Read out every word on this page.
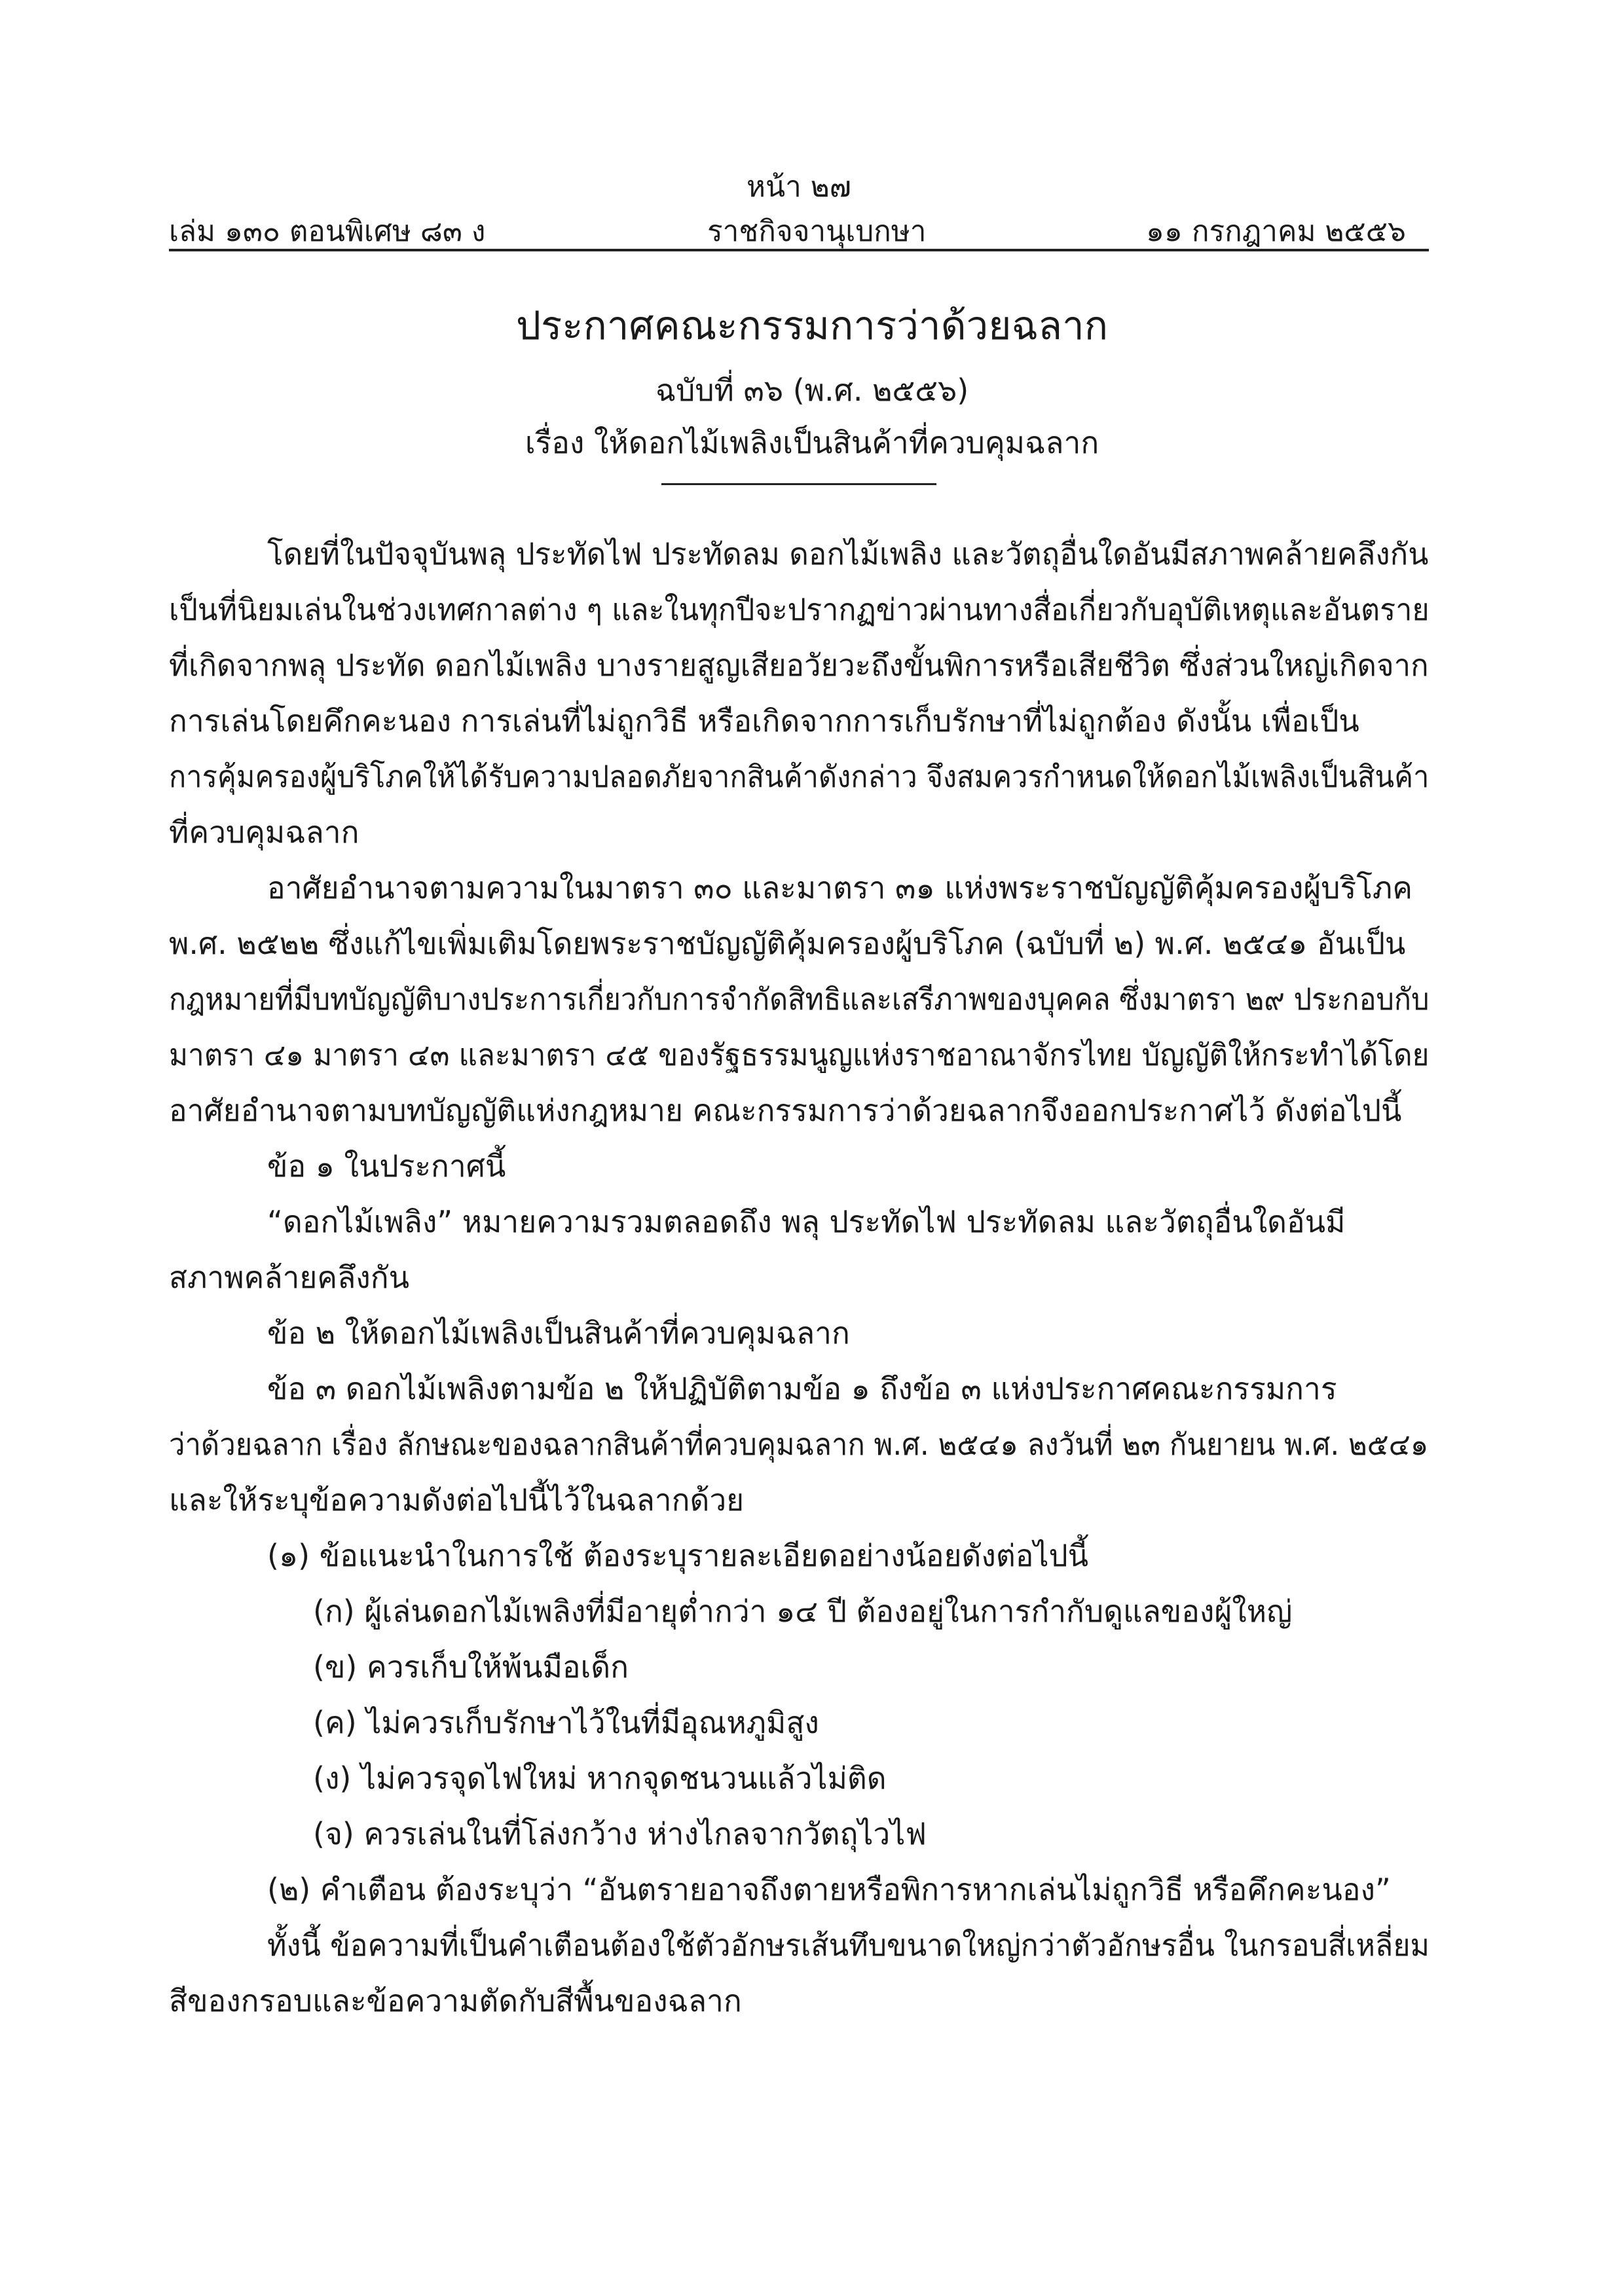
หน้า ๒๗
เล่ม ๑๓๐ ตอนพิเศษ ๘๓ ง	ราชกิจจานุเบกษา	๑๑ กรกฎาคม ๒๕๕๖
ประกาศคณะกรรมการว่าด้วยฉลาก
ฉบับที่ ๓๖ (พ.ศ. ๒๕๕๖)
เรื่อง ให้ดอกไม้เพลิงเป็นสินค้าที่ควบคุมฉลาก
โดยที่ในปัจจุบันพลุ ประทัดไฟ ประทัดลม ดอกไม้เพลิง และวัตถุอื่นใดอันมีสภาพคล้ายคลึงกัน
เป็นที่นิยมเล่นในช่วงเทศกาลต่าง ๆ และในทุกปีจะปรากฏข่าวผ่านทางสื่อเกี่ยวกับอุบัติเหตุและอันตราย
ที่เกิดจากพลุ ประทัด ดอกไม้เพลิง บางรายสูญเสียอวัยวะถึงขั้นพิการหรือเสียชีวิต ซึ่งส่วนใหญ่เกิดจาก
การเล่นโดยคึกคะนอง การเล่นที่ไม่ถูกวิธี หรือเกิดจากการเก็บรักษาที่ไม่ถูกต้อง ดังนั้น เพื่อเป็น
การคุ้มครองผู้บริโภคให้ได้รับความปลอดภัยจากสินค้าดังกล่าว จึงสมควรกำหนดให้ดอกไม้เพลิงเป็นสินค้า
ที่ควบคุมฉลาก
อาศัยอำนาจตามความในมาตรา ๓๐ และมาตรา ๓๑ แห่งพระราชบัญญัติคุ้มครองผู้บริโภค
พ.ศ. ๒๕๒๒ ซึ่งแก้ไขเพิ่มเติมโดยพระราชบัญญัติคุ้มครองผู้บริโภค (ฉบับที่ ๒) พ.ศ. ๒๕๔๑ อันเป็น
กฎหมายที่มีบทบัญญัติบางประการเกี่ยวกับการจำกัดสิทธิและเสรีภาพของบุคคล ซึ่งมาตรา ๒๙ ประกอบกับ
มาตรา ๔๑ มาตรา ๔๓ และมาตรา ๔๕ ของรัฐธรรมนูญแห่งราชอาณาจักรไทย บัญญัติให้กระทำได้โดย
อาศัยอำนาจตามบทบัญญัติแห่งกฎหมาย คณะกรรมการว่าด้วยฉลากจึงออกประกาศไว้ ดังต่อไปนี้
ข้อ ๑ ในประกาศนี้
“ดอกไม้เพลิง” หมายความรวมตลอดถึง พลุ ประทัดไฟ ประทัดลม และวัตถุอื่นใดอันมี
สภาพคล้ายคลึงกัน
ข้อ ๒ ให้ดอกไม้เพลิงเป็นสินค้าที่ควบคุมฉลาก
ข้อ ๓ ดอกไม้เพลิงตามข้อ ๒ ให้ปฏิบัติตามข้อ ๑ ถึงข้อ ๓ แห่งประกาศคณะกรรมการ
ว่าด้วยฉลาก เรื่อง ลักษณะของฉลากสินค้าที่ควบคุมฉลาก พ.ศ. ๒๕๔๑ ลงวันที่ ๒๓ กันยายน พ.ศ. ๒๕๔๑
และให้ระบุข้อความดังต่อไปนี้ไว้ในฉลากด้วย
(๑) ข้อแนะนำในการใช้ ต้องระบุรายละเอียดอย่างน้อยดังต่อไปนี้
(ก) ผู้เล่นดอกไม้เพลิงที่มีอายุต่ำกว่า ๑๔ ปี ต้องอยู่ในการกำกับดูแลของผู้ใหญ่
(ข) ควรเก็บให้พ้นมือเด็ก
(ค) ไม่ควรเก็บรักษาไว้ในที่มีอุณหภูมิสูง
(ง) ไม่ควรจุดไฟใหม่ หากจุดชนวนแล้วไม่ติด
(จ) ควรเล่นในที่โล่งกว้าง ห่างไกลจากวัตถุไวไฟ
(๒) คำเตือน ต้องระบุว่า “อันตรายอาจถึงตายหรือพิการหากเล่นไม่ถูกวิธี หรือคึกคะนอง”
ทั้งนี้ ข้อความที่เป็นคำเตือนต้องใช้ตัวอักษรเส้นทึบขนาดใหญ่กว่าตัวอักษรอื่น ในกรอบสี่เหลี่ยม
สีของกรอบและข้อความตัดกับสีพื้นของฉลาก
